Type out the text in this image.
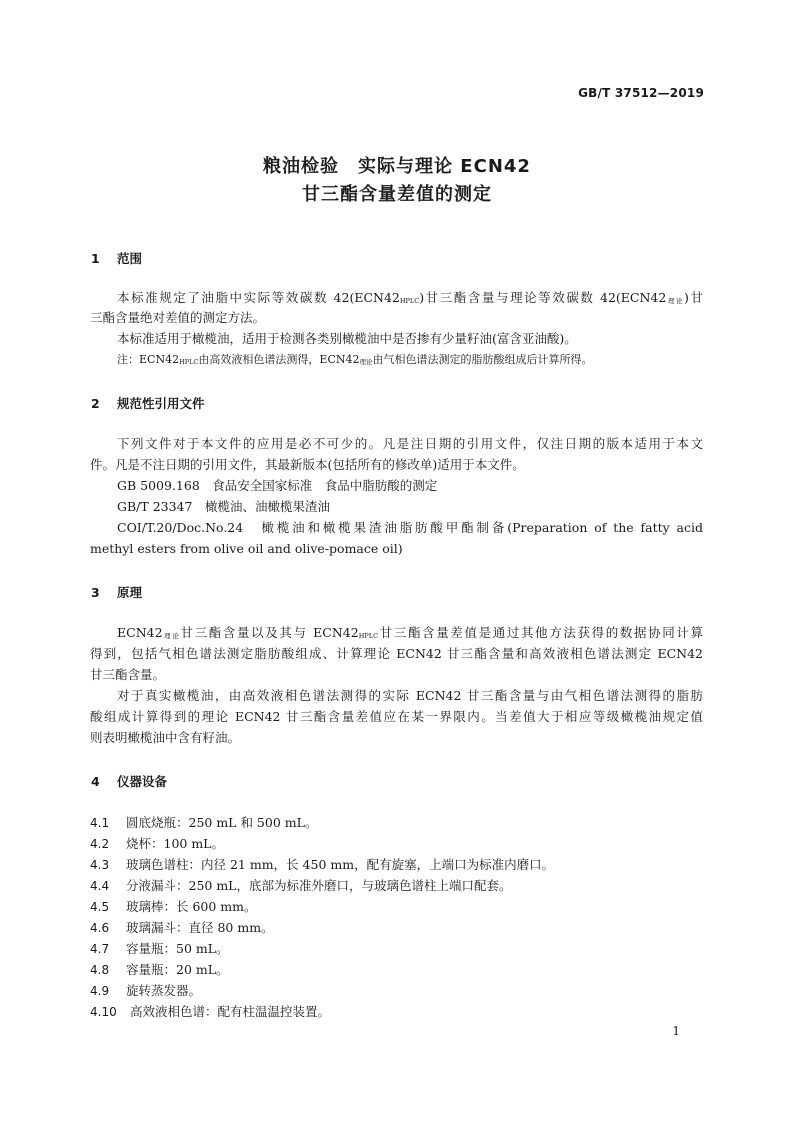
GB/T 37512—2019
粮油检验　实际与理论 ECN42
甘三酯含量差值的测定
1 范围
本标准规定了油脂中实际等效碳数 $42(ECN42_{HPLC})$甘三酯含量与理论等效碳数 $42(ECN42_{理论})$甘
三酯含量绝对差值的测定方法。
本标准适用于橄榄油，适用于检测各类别橄榄油中是否掺有少量籽油(富含亚油酸)。
注：$ECN42_{HPLC}$由高效液相色谱法测得，$ECN42_{理论}$由气相色谱法测定的脂肪酸组成后计算所得。
2 规范性引用文件
下列文件对于本文件的应用是必不可少的。凡是注日期的引用文件，仅注日期的版本适用于本文
件。凡是不注日期的引用文件，其最新版本(包括所有的修改单)适用于本文件。
GB 5009.168　食品安全国家标准　食品中脂肪酸的测定
GB/T 23347　橄榄油、油橄榄果渣油
COI/T.20/Doc.No.24　橄榄油和橄榄果渣油脂肪酸甲酯制备(Preparation of the fatty acid
methyl esters from olive oil and olive-pomace oil)
3 原理
$ECN42_{理论}$甘三酯含量以及其与 $ECN42_{HPLC}$甘三酯含量差值是通过其他方法获得的数据协同计算
得到，包括气相色谱法测定脂肪酸组成、计算理论 ECN42 甘三酯含量和高效液相色谱法测定 ECN42
甘三酯含量。
对于真实橄榄油，由高效液相色谱法测得的实际 ECN42 甘三酯含量与由气相色谱法测得的脂肪
酸组成计算得到的理论 ECN42 甘三酯含量差值应在某一界限内。当差值大于相应等级橄榄油规定值
则表明橄榄油中含有籽油。
4 仪器设备
4.1 圆底烧瓶：250 mL 和 500 mL。
4.2 烧杯：100 mL。
4.3 玻璃色谱柱：内径 21 mm，长 450 mm，配有旋塞，上端口为标准内磨口。
4.4 分液漏斗：250 mL，底部为标准外磨口，与玻璃色谱柱上端口配套。
4.5 玻璃棒：长 600 mm。
4.6 玻璃漏斗：直径 80 mm。
4.7 容量瓶：50 mL。
4.8 容量瓶：20 mL。
4.9 旋转蒸发器。
4.10 高效液相色谱：配有柱温温控装置。
1
